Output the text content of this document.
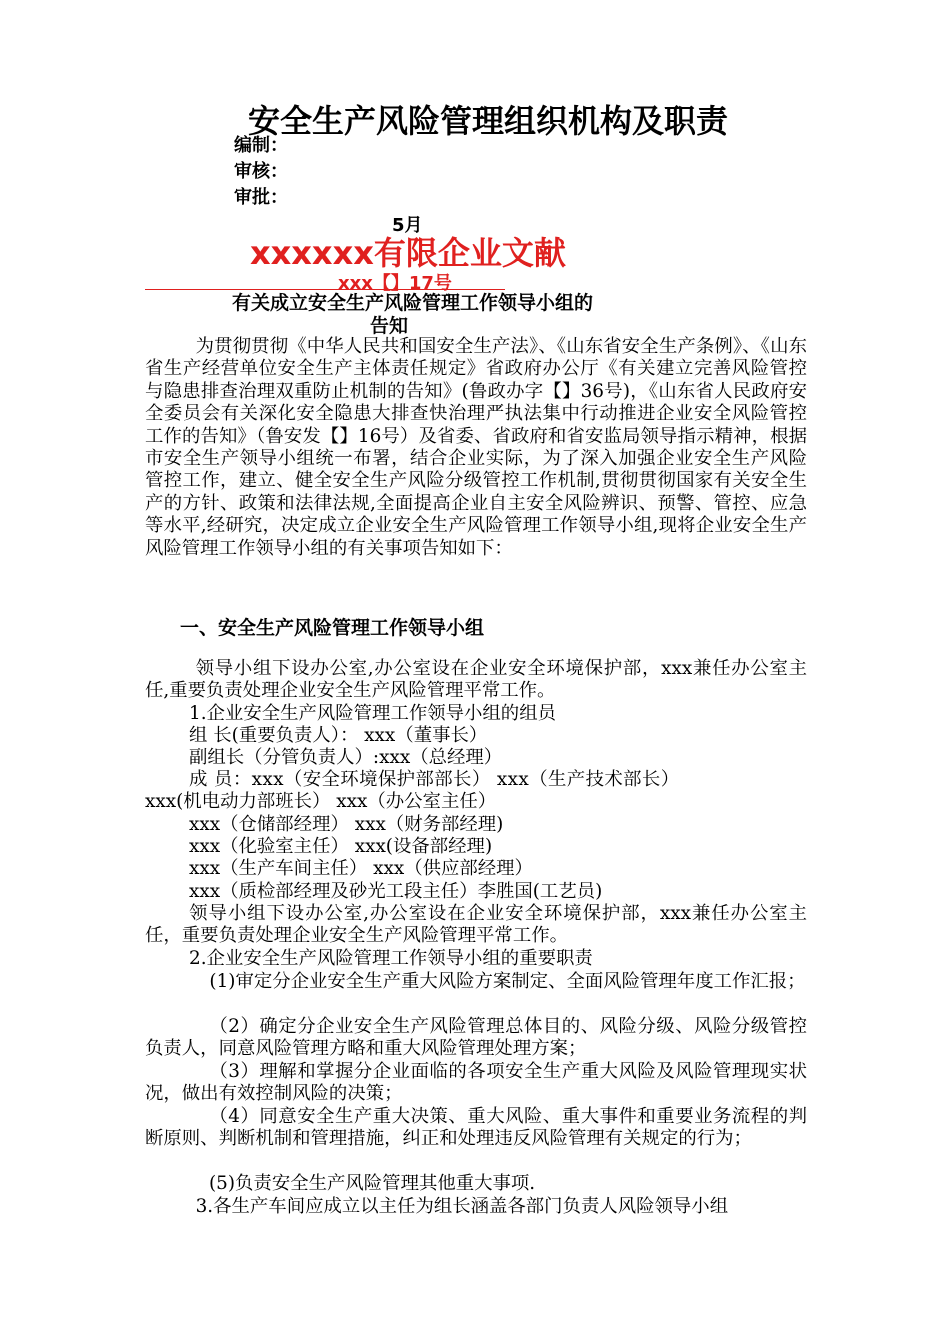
安全生产风险管理组织机构及职责
编制：
审核：
审批：
5月
xxxxxx有限企业文献
xxx【】17号
有关成立安全生产风险管理工作领导小组的
告知
为贯彻贯彻《中华人民共和国安全生产法》、《山东省安全生产条例》、《山东省生产经营单位安全生产主体责任规定》省政府办公厅《有关建立完善风险管控与隐患排查治理双重防止机制的告知》(鲁政办字【】36号)，《山东省人民政府安全委员会有关深化安全隐患大排查快治理严执法集中行动推进企业安全风险管控工作的告知》（鲁安发【】16号）及省委、省政府和省安监局领导指示精神，根据市安全生产领导小组统一布署，结合企业实际，为了深入加强企业安全生产风险管控工作，建立、健全安全生产风险分级管控工作机制,贯彻贯彻国家有关安全生产的方针、政策和法律法规,全面提高企业自主安全风险辨识、预警、管控、应急等水平,经研究，决定成立企业安全生产风险管理工作领导小组,现将企业安全生产风险管理工作领导小组的有关事项告知如下：
一、安全生产风险管理工作领导小组
领导小组下设办公室,办公室设在企业安全环境保护部，xxx兼任办公室主任,重要负责处理企业安全生产风险管理平常工作。
1.企业安全生产风险管理工作领导小组的组员
组 长(重要负责人）： xxx（董事长）
副组长（分管负责人）:xxx（总经理）
成 员：xxx（安全环境保护部部长） xxx（生产技术部长）
xxx(机电动力部班长） xxx（办公室主任）
xxx（仓储部经理） xxx（财务部经理)
xxx（化验室主任） xxx(设备部经理)
xxx（生产车间主任） xxx（供应部经理）
xxx（质检部经理及砂光工段主任）李胜国(工艺员)
领导小组下设办公室,办公室设在企业安全环境保护部，xxx兼任办公室主任，重要负责处理企业安全生产风险管理平常工作。
2.企业安全生产风险管理工作领导小组的重要职责
(1)审定分企业安全生产重大风险方案制定、全面风险管理年度工作汇报；
（2）确定分企业安全生产风险管理总体目的、风险分级、风险分级管控负责人，同意风险管理方略和重大风险管理处理方案；
（3）理解和掌握分企业面临的各项安全生产重大风险及风险管理现实状况，做出有效控制风险的决策；
（4）同意安全生产重大决策、重大风险、重大事件和重要业务流程的判断原则、判断机制和管理措施，纠正和处理违反风险管理有关规定的行为；
(5)负责安全生产风险管理其他重大事项.
3.各生产车间应成立以主任为组长涵盖各部门负责人风险领导小组
